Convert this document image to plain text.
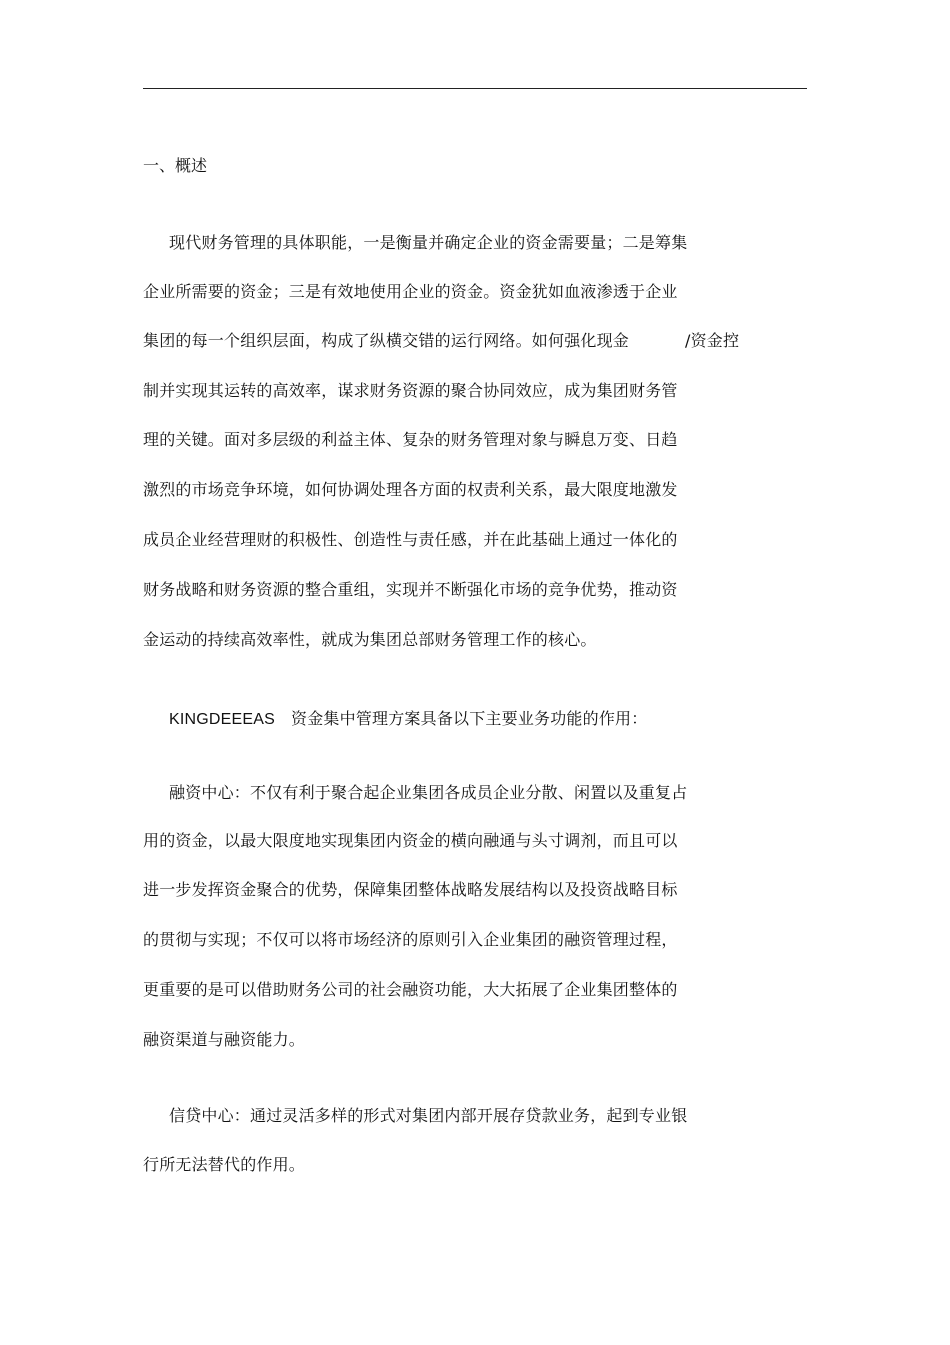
一、概述
现代财务管理的具体职能，一是衡量并确定企业的资金需要量；二是筹集
企业所需要的资金；三是有效地使用企业的资金。资金犹如血液渗透于企业
集团的每一个组织层面，构成了纵横交错的运行网络。如何强化现金	/资金控
制并实现其运转的高效率，谋求财务资源的聚合协同效应，成为集团财务管
理的关键。面对多层级的利益主体、复杂的财务管理对象与瞬息万变、日趋
激烈的市场竞争环境，如何协调处理各方面的权责利关系，最大限度地激发
成员企业经营理财的积极性、创造性与责任感，并在此基础上通过一体化的
财务战略和财务资源的整合重组，实现并不断强化市场的竞争优势，推动资
金运动的持续高效率性，就成为集团总部财务管理工作的核心。
KINGDEEEAS 资金集中管理方案具备以下主要业务功能的作用：
融资中心：不仅有利于聚合起企业集团各成员企业分散、闲置以及重复占
用的资金，以最大限度地实现集团内资金的横向融通与头寸调剂，而且可以
进一步发挥资金聚合的优势，保障集团整体战略发展结构以及投资战略目标
的贯彻与实现；不仅可以将市场经济的原则引入企业集团的融资管理过程，
更重要的是可以借助财务公司的社会融资功能，大大拓展了企业集团整体的
融资渠道与融资能力。
信贷中心：通过灵活多样的形式对集团内部开展存贷款业务，起到专业银
行所无法替代的作用。
